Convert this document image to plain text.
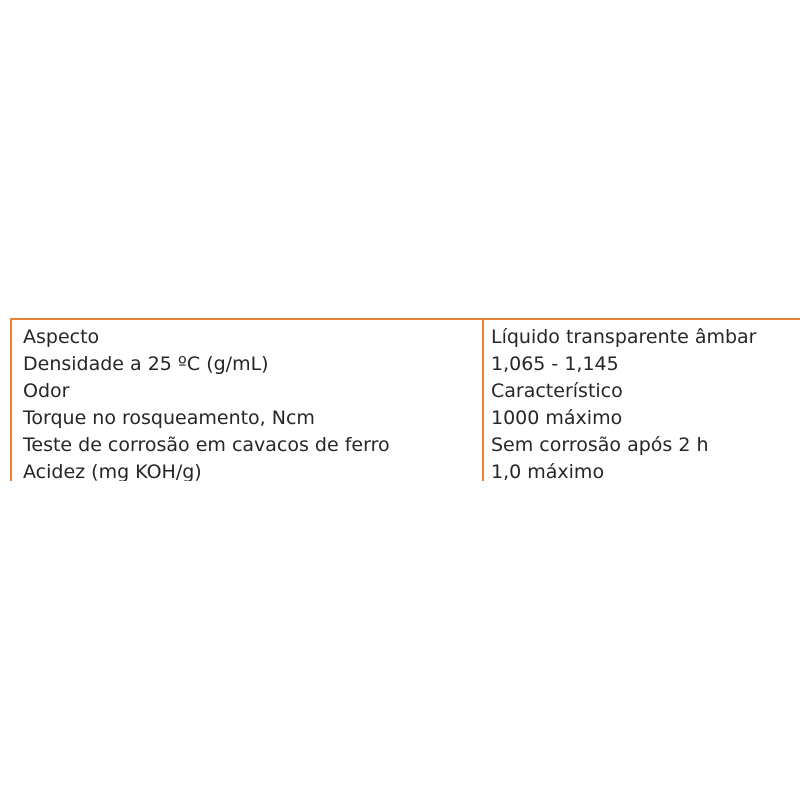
Aspecto	Líquido transparente âmbar
Densidade a 25 ºC (g/mL)	1,065 - 1,145
Odor	Característico
Torque no rosqueamento, Ncm	1000 máximo
Teste de corrosão em cavacos de ferro	Sem corrosão após 2 h
Acidez (mg KOH/g)	1,0 máximo
